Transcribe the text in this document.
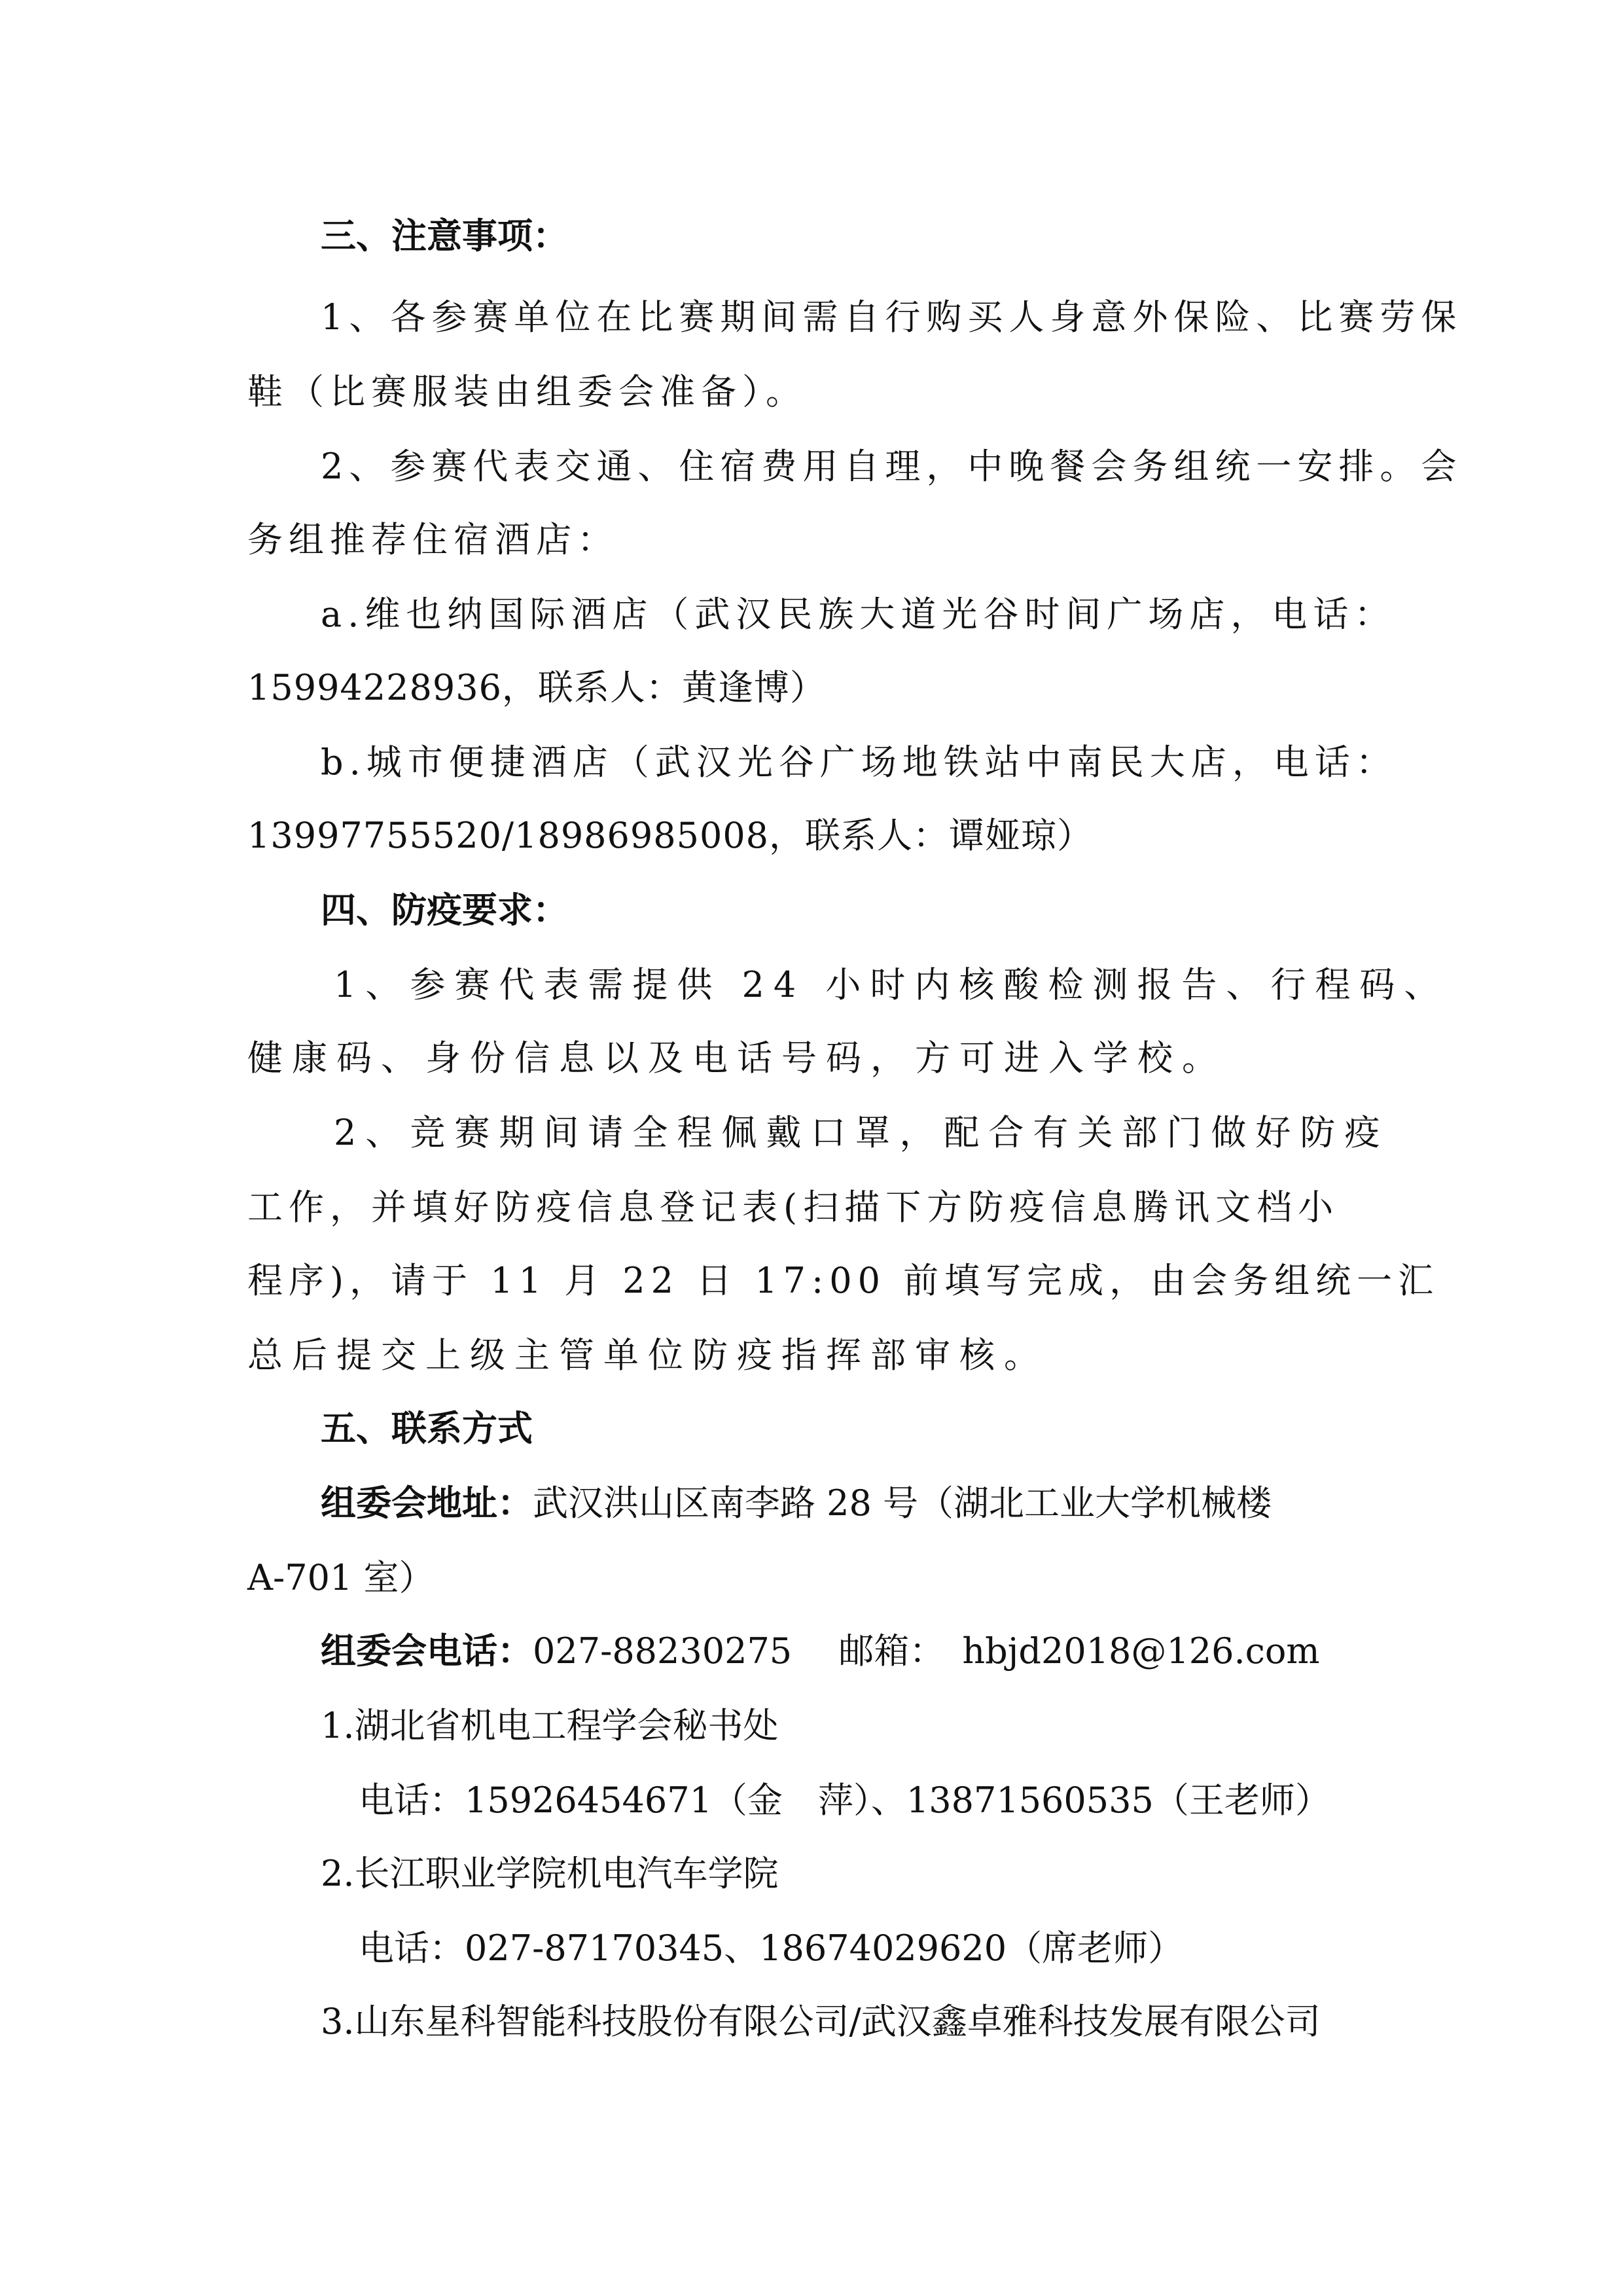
三、注意事项：
1、各参赛单位在比赛期间需自行购买人身意外保险、比赛劳保
鞋（比赛服装由组委会准备）。
2、参赛代表交通、住宿费用自理，中晚餐会务组统一安排。会
务组推荐住宿酒店：
a.维也纳国际酒店（武汉民族大道光谷时间广场店，电话：
15994228936，联系人：黄逢博）
b.城市便捷酒店（武汉光谷广场地铁站中南民大店，电话：
13997755520/18986985008，联系人：谭娅琼）
四、防疫要求：
1、参赛代表需提供 24 小时内核酸检测报告、行程码、
健康码、身份信息以及电话号码，方可进入学校。
2、竞赛期间请全程佩戴口罩，配合有关部门做好防疫
工作，并填好防疫信息登记表(扫描下方防疫信息腾讯文档小
程序)，请于 11 月 22 日 17:00 前填写完成，由会务组统一汇
总后提交上级主管单位防疫指挥部审核。
五、联系方式
组委会地址：武汉洪山区南李路 28 号（湖北工业大学机械楼
A-701 室）
组委会电话：027-88230275　 邮箱：　hbjd2018@126.com
1.湖北省机电工程学会秘书处
电话：15926454671（金　萍）、13871560535（王老师）
2.长江职业学院机电汽车学院
电话：027-87170345、18674029620（席老师）
3.山东星科智能科技股份有限公司/武汉鑫卓雅科技发展有限公司
